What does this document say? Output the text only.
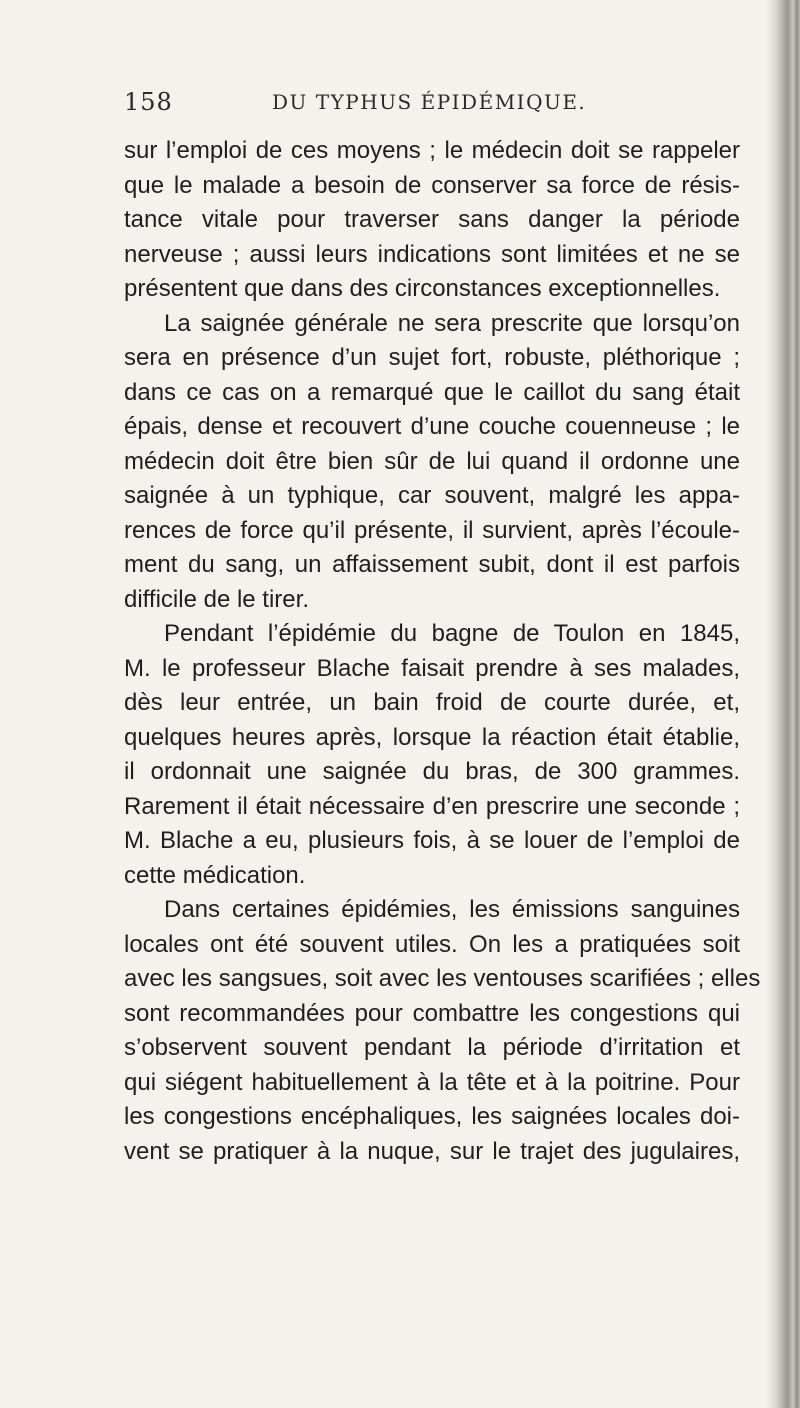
158	DU TYPHUS ÉPIDÉMIQUE.
sur l’emploi de ces moyens ; le médecin doit se rappeler
que le malade a besoin de conserver sa force de résis-
tance vitale pour traverser sans danger la période
nerveuse ; aussi leurs indications sont limitées et ne se
présentent que dans des circonstances exceptionnelles.
La saignée générale ne sera prescrite que lorsqu’on
sera en présence d’un sujet fort, robuste, pléthorique ;
dans ce cas on a remarqué que le caillot du sang était
épais, dense et recouvert d’une couche couenneuse ; le
médecin doit être bien sûr de lui quand il ordonne une
saignée à un typhique, car souvent, malgré les appa-
rences de force qu’il présente, il survient, après l’écoule-
ment du sang, un affaissement subit, dont il est parfois
difficile de le tirer.
Pendant l’épidémie du bagne de Toulon en 1845,
M. le professeur Blache faisait prendre à ses malades,
dès leur entrée, un bain froid de courte durée, et,
quelques heures après, lorsque la réaction était établie,
il ordonnait une saignée du bras, de 300 grammes.
Rarement il était nécessaire d’en prescrire une seconde ;
M. Blache a eu, plusieurs fois, à se louer de l’emploi de
cette médication.
Dans certaines épidémies, les émissions sanguines
locales ont été souvent utiles. On les a pratiquées soit
avec les sangsues, soit avec les ventouses scarifiées ; elles
sont recommandées pour combattre les congestions qui
s’observent souvent pendant la période d’irritation et
qui siégent habituellement à la tête et à la poitrine. Pour
les congestions encéphaliques, les saignées locales doi-
vent se pratiquer à la nuque, sur le trajet des jugulaires,
